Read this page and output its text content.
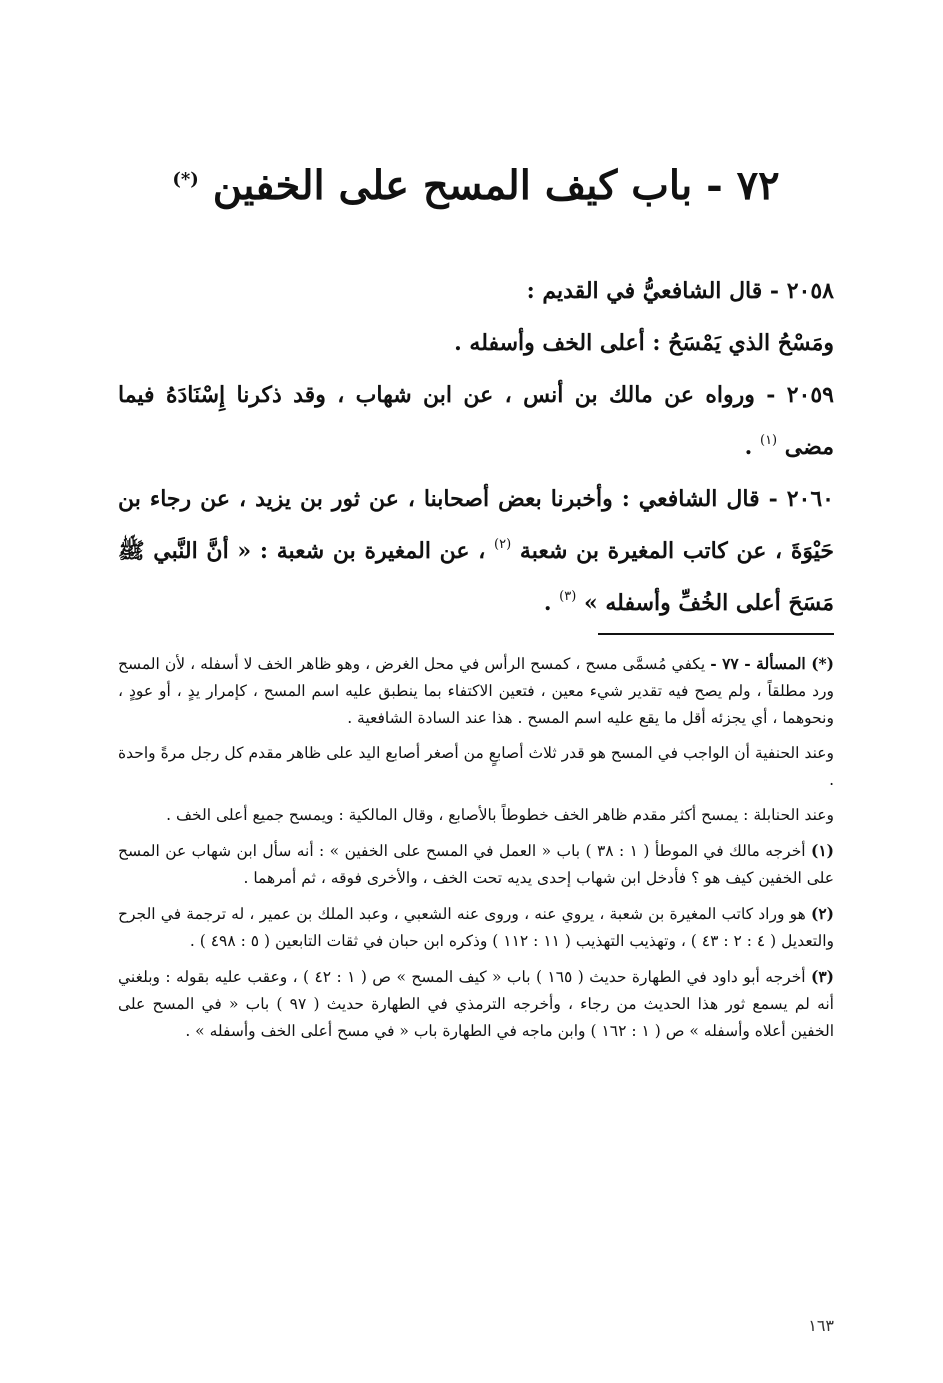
٧٢ - باب كيف المسح على الخفين (*)

٢٠٥٨ - قال الشافعيُّ في القديم :

ومَسْحُ الذي يَمْسَحُ : أعلى الخف وأسفله .

٢٠٥٩ - ورواه عن مالك بن أنس ، عن ابن شهاب ، وقد ذكرنا إِسْنَادَهُ فيما مضى $^{(١)}$ .

٢٠٦٠ - قال الشافعي : وأخبرنا بعض أصحابنا ، عن ثور بن يزيد ، عن رجاء بن حَيْوَةَ ، عن كاتب المغيرة بن شعبة $^{(٢)}$ ، عن المغيرة بن شعبة : « أنَّ النَّبي ﷺ مَسَحَ أعلى الخُفِّ وأسفله » $^{(٣)}$ .

(*) المسألة - ٧٧ - يكفي مُسمَّى مسح ، كمسح الرأس في محل الغرض ، وهو ظاهر الخف لا أسفله ، لأن المسح ورد مطلقاً ، ولم يصح فيه تقدير شيء معين ، فتعين الاكتفاء بما ينطبق عليه اسم المسح ، كإمرار يدٍ ، أو عودٍ ، ونحوهما ، أي يجزئه أقل ما يقع عليه اسم المسح . هذا عند السادة الشافعية .

وعند الحنفية أن الواجب في المسح هو قدر ثلاث أصابعٍ من أصغر أصابع اليد على ظاهر مقدم كل رجل مرةً واحدة .

وعند الحنابلة : يمسح أكثر مقدم ظاهر الخف خطوطاً بالأصابع ، وقال المالكية : ويمسح جميع أعلى الخف .

(١) أخرجه مالك في الموطأ ( ١ : ٣٨ ) باب « العمل في المسح على الخفين » : أنه سأل ابن شهاب عن المسح على الخفين كيف هو ؟ فأدخل ابن شهاب إحدى يديه تحت الخف ، والأخرى فوقه ، ثم أمرهما .

(٢) هو وراد كاتب المغيرة بن شعبة ، يروي عنه ، وروى عنه الشعبي ، وعبد الملك بن عمير ، له ترجمة في الجرح والتعديل ( ٤ : ٢ : ٤٣ ) ، وتهذيب التهذيب ( ١١ : ١١٢ ) وذكره ابن حبان في ثقات التابعين ( ٥ : ٤٩٨ ) .

(٣) أخرجه أبو داود في الطهارة حديث ( ١٦٥ ) باب « كيف المسح » ص ( ١ : ٤٢ ) ، وعقب عليه بقوله : وبلغني أنه لم يسمع ثور هذا الحديث من رجاء ، وأخرجه الترمذي في الطهارة حديث ( ٩٧ ) باب « في المسح على الخفين أعلاه وأسفله » ص ( ١ : ١٦٢ ) وابن ماجه في الطهارة باب « في مسح أعلى الخف وأسفله » .

١٦٣
